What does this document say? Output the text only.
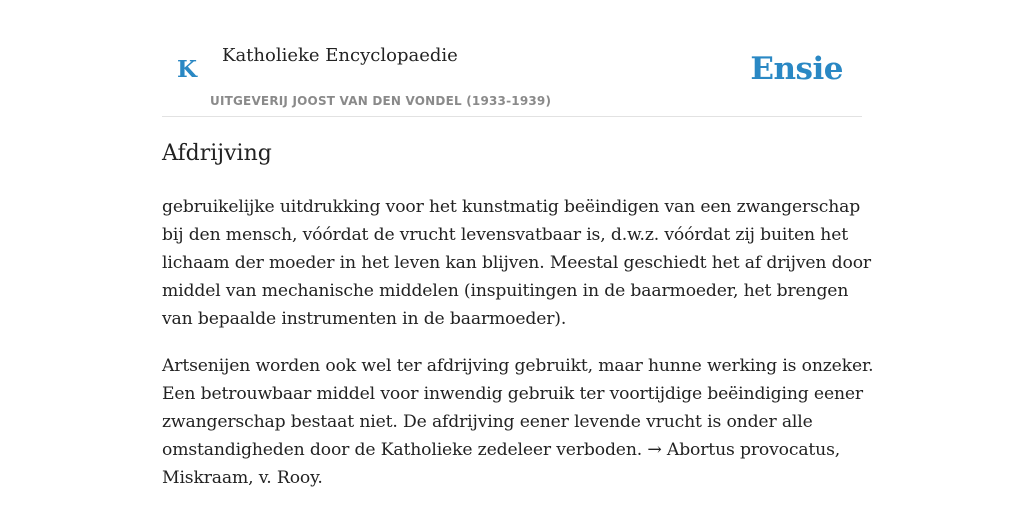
K
Katholieke Encyclopaedie
UITGEVERIJ JOOST VAN DEN VONDEL (1933-1939)
Ensie
Afdrijving

gebruikelijke uitdrukking voor het kunstmatig beëindigen van een zwangerschap
bij den mensch, vóórdat de vrucht levensvatbaar is, d.w.z. vóórdat zij buiten het
lichaam der moeder in het leven kan blijven. Meestal geschiedt het af drijven door
middel van mechanische middelen (inspuitingen in de baarmoeder, het brengen
van bepaalde instrumenten in de baarmoeder).

Artsenijen worden ook wel ter afdrijving gebruikt, maar hunne werking is onzeker.
Een betrouwbaar middel voor inwendig gebruik ter voortijdige beëindiging eener
zwangerschap bestaat niet. De afdrijving eener levende vrucht is onder alle
omstandigheden door de Katholieke zedeleer verboden. → Abortus provocatus,
Miskraam, v. Rooy.
